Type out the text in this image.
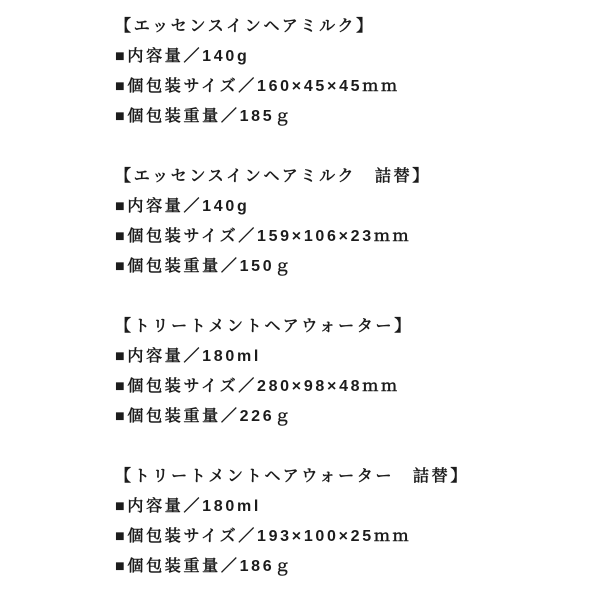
【エッセンスインヘアミルク】

■内容量／140g

■個包装サイズ／160×45×45ｍｍ

■個包装重量／185ｇ

【エッセンスインヘアミルク　詰替】

■内容量／140g

■個包装サイズ／159×106×23ｍｍ

■個包装重量／150ｇ

【トリートメントヘアウォーター】

■内容量／180ml

■個包装サイズ／280×98×48ｍｍ

■個包装重量／226ｇ

【トリートメントヘアウォーター　詰替】

■内容量／180ml

■個包装サイズ／193×100×25ｍｍ

■個包装重量／186ｇ
